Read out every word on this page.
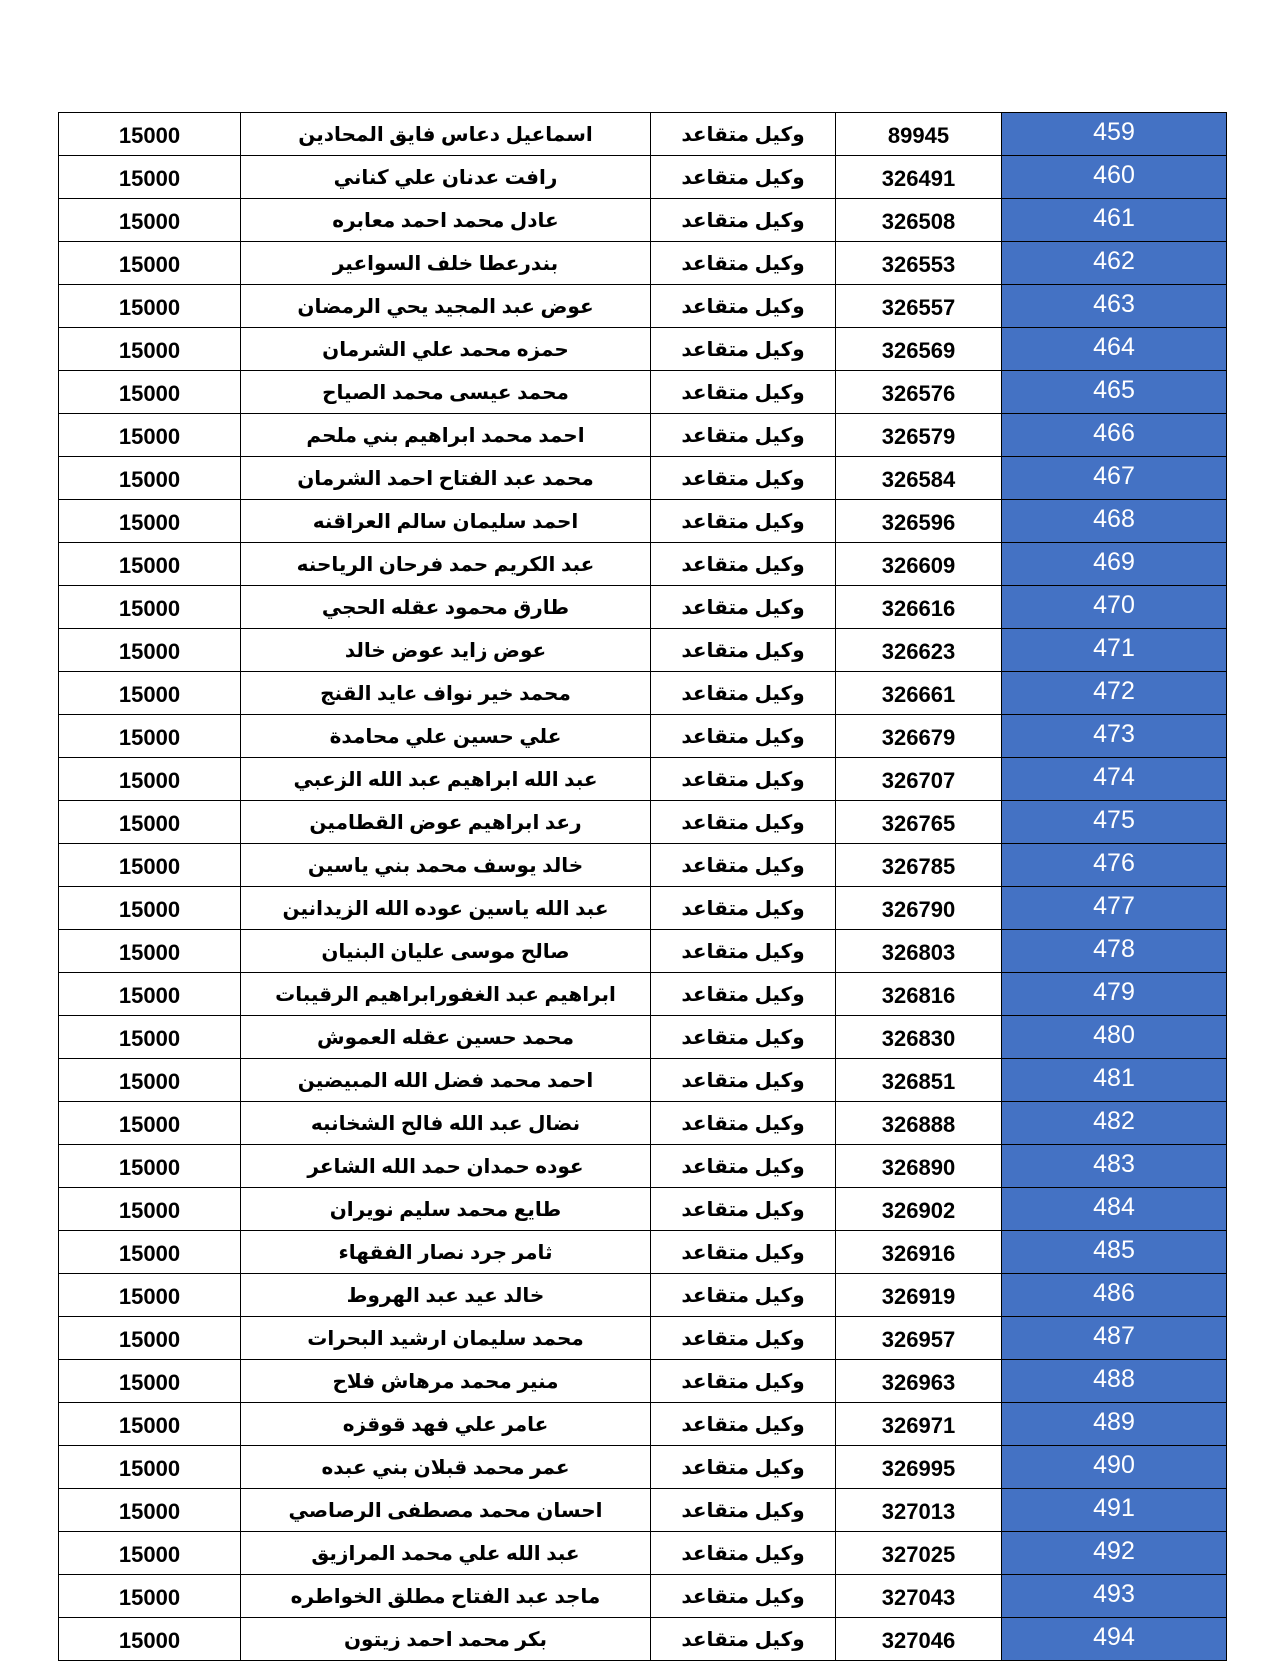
15000	اسماعيل دعاس فايق المحادين	وكيل متقاعد	89945	459
15000	رافت عدنان علي كناني	وكيل متقاعد	326491	460
15000	عادل محمد احمد معابره	وكيل متقاعد	326508	461
15000	بندرعطا خلف السواعير	وكيل متقاعد	326553	462
15000	عوض عبد المجيد يحي الرمضان	وكيل متقاعد	326557	463
15000	حمزه محمد علي الشرمان	وكيل متقاعد	326569	464
15000	محمد عيسى محمد الصياح	وكيل متقاعد	326576	465
15000	احمد محمد ابراهيم بني ملحم	وكيل متقاعد	326579	466
15000	محمد عبد الفتاح احمد الشرمان	وكيل متقاعد	326584	467
15000	احمد سليمان سالم العراقنه	وكيل متقاعد	326596	468
15000	عبد الكريم حمد فرحان الرياحنه	وكيل متقاعد	326609	469
15000	طارق محمود عقله الحجي	وكيل متقاعد	326616	470
15000	عوض زايد عوض خالد	وكيل متقاعد	326623	471
15000	محمد خير نواف عايد القنج	وكيل متقاعد	326661	472
15000	علي حسين علي محامدة	وكيل متقاعد	326679	473
15000	عبد الله ابراهيم عبد الله الزعبي	وكيل متقاعد	326707	474
15000	رعد ابراهيم عوض القطامين	وكيل متقاعد	326765	475
15000	خالد يوسف محمد بني ياسين	وكيل متقاعد	326785	476
15000	عبد الله ياسين عوده الله الزيدانين	وكيل متقاعد	326790	477
15000	صالح موسى عليان البنيان	وكيل متقاعد	326803	478
15000	ابراهيم عبد الغفورابراهيم الرقيبات	وكيل متقاعد	326816	479
15000	محمد حسين عقله العموش	وكيل متقاعد	326830	480
15000	احمد محمد فضل الله المبيضين	وكيل متقاعد	326851	481
15000	نضال عبد الله فالح الشخانبه	وكيل متقاعد	326888	482
15000	عوده حمدان حمد الله الشاعر	وكيل متقاعد	326890	483
15000	طايع محمد سليم نويران	وكيل متقاعد	326902	484
15000	ثامر جرد نصار الفقهاء	وكيل متقاعد	326916	485
15000	خالد عيد عبد الهروط	وكيل متقاعد	326919	486
15000	محمد سليمان ارشيد البحرات	وكيل متقاعد	326957	487
15000	منير محمد مرهاش فلاح	وكيل متقاعد	326963	488
15000	عامر علي فهد قوقزه	وكيل متقاعد	326971	489
15000	عمر محمد قبلان بني عبده	وكيل متقاعد	326995	490
15000	احسان محمد مصطفى الرصاصي	وكيل متقاعد	327013	491
15000	عبد الله علي محمد المرازيق	وكيل متقاعد	327025	492
15000	ماجد عبد الفتاح مطلق الخواطره	وكيل متقاعد	327043	493
15000	بكر محمد احمد زيتون	وكيل متقاعد	327046	494
